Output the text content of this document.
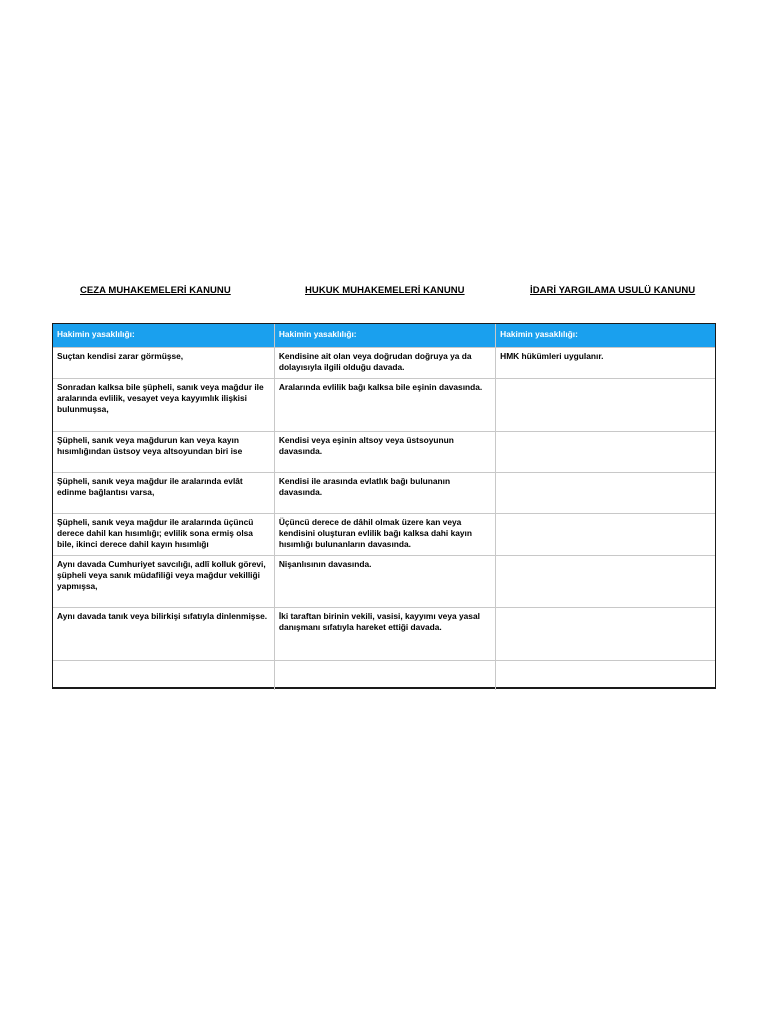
CEZA MUHAKEMELERİ KANUNU	HUKUK MUHAKEMELERİ KANUNU	İDARİ YARGILAMA USULÜ KANUNU
Hakimin yasaklılığı:	Hakimin yasaklılığı:	Hakimin yasaklılığı:
Suçtan kendisi zarar görmüşse,	Kendisine ait olan veya doğrudan doğruya ya da dolayısıyla ilgili olduğu davada.	HMK hükümleri uygulanır.
Sonradan kalksa bile şüpheli, sanık veya mağdur ile aralarında evlilik, vesayet veya kayyımlık ilişkisi bulunmuşsa,	Aralarında evlilik bağı kalksa bile eşinin davasında.	
Şüpheli, sanık veya mağdurun kan veya kayın hısımlığından üstsoy veya altsoyundan biri ise	Kendisi veya eşinin altsoy veya üstsoyunun davasında.	
Şüpheli, sanık veya mağdur ile aralarında evlât edinme bağlantısı varsa,	Kendisi ile arasında evlatlık bağı bulunanın davasında.	
Şüpheli, sanık veya mağdur ile aralarında üçüncü derece dahil kan hısımlığı; evlilik sona ermiş olsa bile, ikinci derece dahil kayın hısımlığı	Üçüncü derece de dâhil olmak üzere kan veya kendisini oluşturan evlilik bağı kalksa dahi kayın hısımlığı bulunanların davasında.	
Aynı davada Cumhuriyet savcılığı, adlî kolluk görevi, şüpheli veya sanık müdafiliği veya mağdur vekilliği yapmışsa,	Nişanlısının davasında.	
Aynı davada tanık veya bilirkişi sıfatıyla dinlenmişse.	İki taraftan birinin vekili, vasisi, kayyımı veya yasal danışmanı sıfatıyla hareket ettiği davada.	
